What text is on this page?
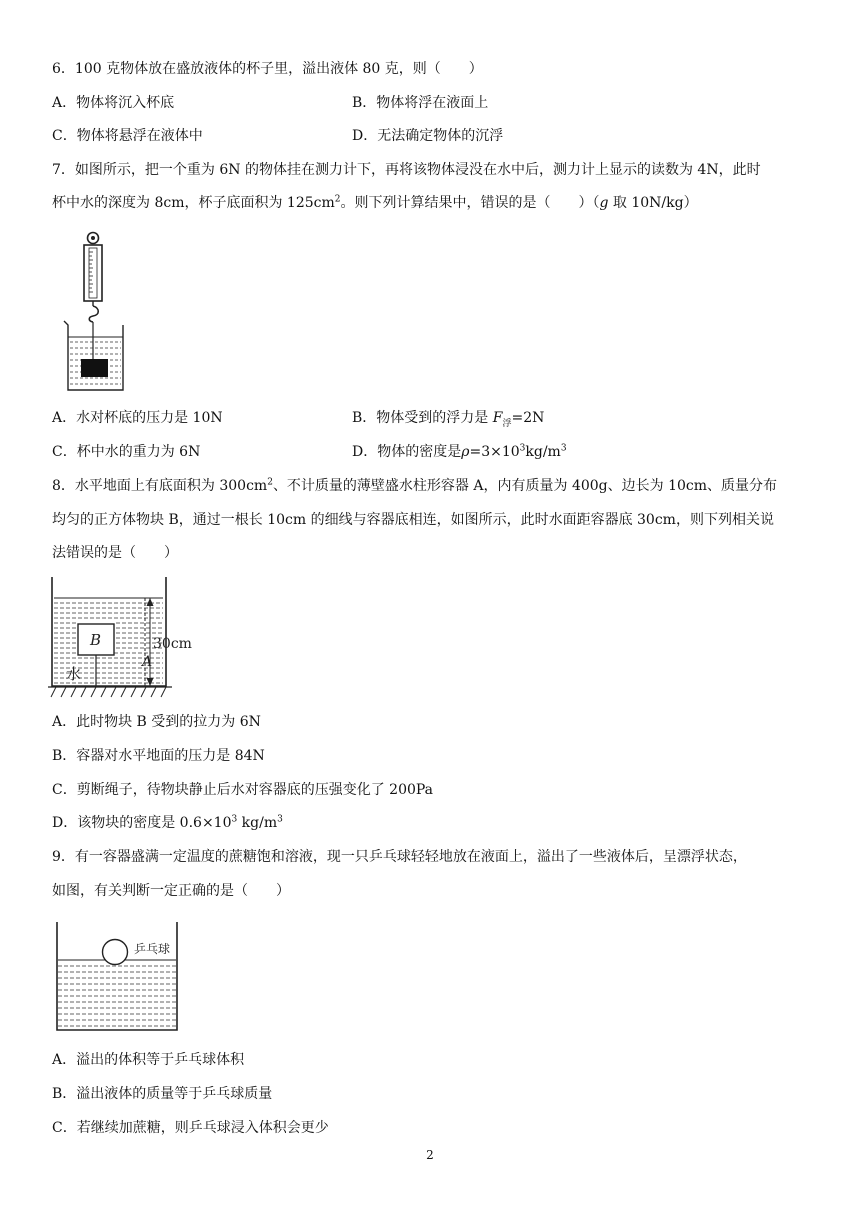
6．100 克物体放在盛放液体的杯子里，溢出液体 80 克，则（　　）
A．物体将沉入杯底	B．物体将浮在液面上
C．物体将悬浮在液体中	D．无法确定物体的沉浮
7．如图所示，把一个重为 6N 的物体挂在测力计下，再将该物体浸没在水中后，测力计上显示的读数为 4N，此时
杯中水的深度为 8cm，杯子底面积为 $125cm^2$。则下列计算结果中，错误的是（　　）（g 取 10N/kg）
A．水对杯底的压力是 10N	B．物体受到的浮力是 $F_浮=2N$
C．杯中水的重力为 6N	D．物体的密度是$\rho=3\times 10^3kg/m^3$
8．水平地面上有底面积为 $300cm^2$、不计质量的薄壁盛水柱形容器 A，内有质量为 400g、边长为 10cm、质量分布
均匀的正方体物块 B，通过一根长 10cm 的细线与容器底相连，如图所示，此时水面距容器底 30cm，则下列相关说
法错误的是（　　）
B	30cm
A
水
A．此时物块 B 受到的拉力为 6N
B．容器对水平地面的压力是 84N
C．剪断绳子，待物块静止后水对容器底的压强变化了 200Pa
D．该物块的密度是 $0.6\times 10^3$ $kg/m^3$
9．有一容器盛满一定温度的蔗糖饱和溶液，现一只乒乓球轻轻地放在液面上，溢出了一些液体后，呈漂浮状态，
如图，有关判断一定正确的是（　　）
乒乓球
A．溢出的体积等于乒乓球体积
B．溢出液体的质量等于乒乓球质量
C．若继续加蔗糖，则乒乓球浸入体积会更少
2
